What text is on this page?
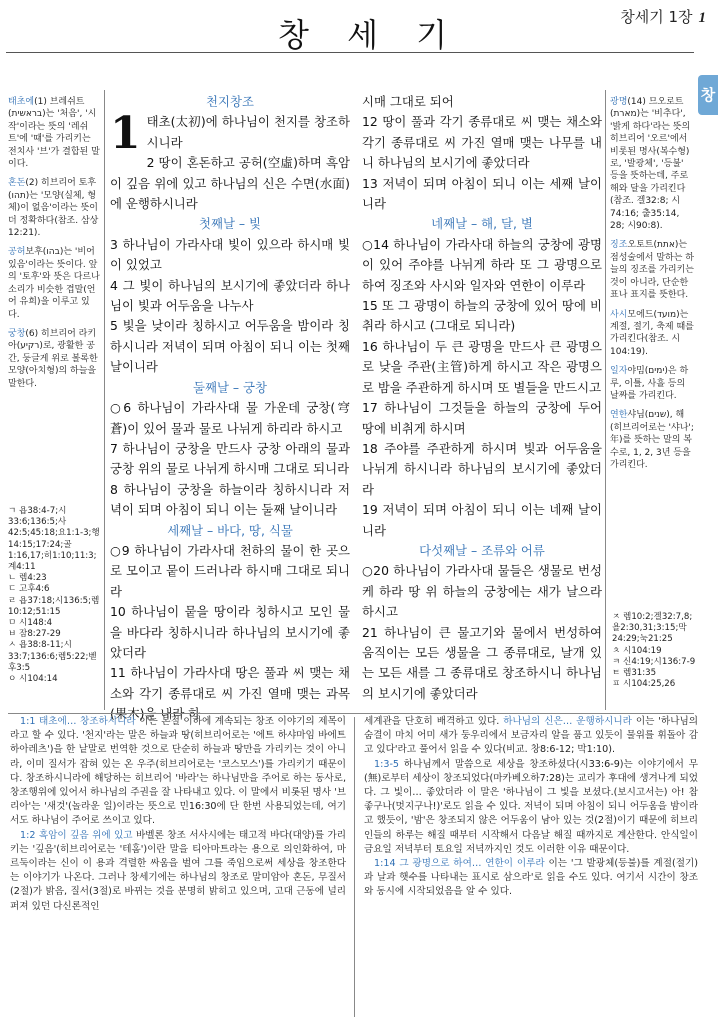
창세기 1장 1
창 세 기
창

태초에(1) 브레쉬트(בראשית)는 '처음', '시작'이라는 뜻의 '레쉬트'에 '때'를 가리키는 전치사 '브'가 결합된 말이다.

혼돈(2) 히브리어 토후(תהו)는 '모양(실체, 형체)이 없음'이라는 뜻이 더 정확하다(참조. 삼상12:21).

공허보후(בהו)는 '비어 있음'이라는 뜻이다. 앞의 '토후'와 뜻은 다르나 소리가 비슷한 겹말(언어 유희)을 이루고 있다.

궁창(6) 히브리어 라키아(רקיע)로, 광활한 공간, 둥글게 위로 볼록한 모양(아치형)의 하늘을 말한다.

ㄱ 욥38:4-7;시33:6;136:5;사42:5;45:18;요1:1-3;행14:15;17:24;골1:16,17;히1:10;11:3;계4:11
ㄴ 렘4:23
ㄷ 고후4:6
ㄹ 욥37:18;시136:5;렘10:12;51:15
ㅁ 시148:4
ㅂ 잠8:27-29
ㅅ 욥38:8-11;시33:7;136:6;렘5:22;벧후3:5
ㅇ 시104:14

천지창조

1 태초(太初)에 하나님이 천지를 창조하시니라

2 땅이 혼돈하고 공허(空虛)하며 흑암이 깊음 위에 있고 하나님의 신은 수면(水面)에 운행하시니라

첫째날 – 빛

3 하나님이 가라사대 빛이 있으라 하시매 빛이 있었고

4 그 빛이 하나님의 보시기에 좋았더라 하나님이 빛과 어두움을 나누사

5 빛을 낮이라 칭하시고 어두움을 밤이라 칭하시니라 저녁이 되며 아침이 되니 이는 첫째 날이니라

둘째날 – 궁창

○6 하나님이 가라사대 물 가운데 궁창(穹蒼)이 있어 물과 물로 나뉘게 하리라 하시고

7 하나님이 궁창을 만드사 궁창 아래의 물과 궁창 위의 물로 나뉘게 하시매 그대로 되니라

8 하나님이 궁창을 하늘이라 칭하시니라 저녁이 되며 아침이 되니 이는 둘째 날이니라

세째날 – 바다, 땅, 식물

○9 하나님이 가라사대 천하의 물이 한 곳으로 모이고 뭍이 드러나라 하시매 그대로 되니라

10 하나님이 뭍을 땅이라 칭하시고 모인 물을 바다라 칭하시니라 하나님의 보시기에 좋았더라

11 하나님이 가라사대 땅은 풀과 씨 맺는 채소와 각기 종류대로 씨 가진 열매 맺는 과목(果木)을 내라 하

시매 그대로 되어

12 땅이 풀과 각기 종류대로 씨 맺는 채소와 각기 종류대로 씨 가진 열매 맺는 나무를 내니 하나님의 보시기에 좋았더라

13 저녁이 되며 아침이 되니 이는 세째 날이니라

네째날 – 해, 달, 별

○14 하나님이 가라사대 하늘의 궁창에 광명이 있어 주야를 나뉘게 하라 또 그 광명으로 하여 징조와 사시와 일자와 연한이 이루라

15 또 그 광명이 하늘의 궁창에 있어 땅에 비취라 하시고 (그대로 되니라)

16 하나님이 두 큰 광명을 만드사 큰 광명으로 낮을 주관(主管)하게 하시고 작은 광명으로 밤을 주관하게 하시며 또 별들을 만드시고

17 하나님이 그것들을 하늘의 궁창에 두어 땅에 비취게 하시며

18 주야를 주관하게 하시며 빛과 어두움을 나뉘게 하시니라 하나님의 보시기에 좋았더라

19 저녁이 되며 아침이 되니 이는 네째 날이니라

다섯째날 – 조류와 어류

○20 하나님이 가라사대 물들은 생물로 번성케 하라 땅 위 하늘의 궁창에는 새가 날으라 하시고

21 하나님이 큰 물고기와 물에서 번성하여 움직이는 모든 생물을 그 종류대로, 날개 있는 모든 새를 그 종류대로 창조하시니 하나님의 보시기에 좋았더라

광명(14) 므오로트(מארת)는 '비추다', '밝게 하다'라는 뜻의 히브리어 '오르'에서 비롯된 명사(복수형)로, '발광체', '등불' 등을 뜻하는데, 주로 해와 달을 가리킨다(참조. 겔32:8; 시74:16; 출35:14, 28; 시90:8).

징조오토트(אתת)는 점성술에서 말하는 하늘의 징조를 가리키는 것이 아니라, 단순한 표나 표지를 뜻한다.

사시모에드(מועד)는 계절, 절기, 축제 때를 가리킨다(참조. 시104:19).

일자야밈(ימים)은 하루, 이틀, 사흘 등의 날짜를 가리킨다.

연한샤님(שנים), 해(히브리어로는 '샤나'; 年)를 뜻하는 말의 복수로, 1, 2, 3년 등을 가리킨다.

ㅈ 렘10:2;겔32:7,8;욜2:30,31;3:15;막24:29;눅21:25
ㅊ 시104:19
ㅋ 신4:19;시136:7-9
ㅌ 렘31:35
ㅍ 시104:25,26

1:1 태초에… 창조하시니라 이는 본절 이하에 계속되는 창조 이야기의 제목이라고 할 수 있다. '천지'라는 말은 하늘과 땅(히브리어로는 '에트 하샤마임 바에트 하아레츠')을 한 낱말로 번역한 것으로 단순히 하늘과 땅만을 가리키는 것이 아니라, 이미 질서가 잡혀 있는 온 우주(히브리어로는 '코스모스')를 가리키기 때문이다. 창조하시니라에 해당하는 히브리어 '바라'는 하나님만을 주어로 하는 동사로, 창조행위에 있어서 하나님의 주권을 잘 나타내고 있다. 이 말에서 비롯된 명사 '브리아'는 '새것'(놀라운 일)이라는 뜻으로 민16:30에 단 한번 사용되었는데, 여기서도 하나님이 주어로 쓰이고 있다.

1:2 흑암이 깊음 위에 있고 바벨론 창조 서사시에는 태고적 바다(대양)를 가리키는 '깊음'(히브리어로는 '테홈')이란 말을 티아마트라는 용으로 의인화하여, 마르둑이라는 신이 이 용과 격렬한 싸움을 벌여 그를 죽임으로써 세상을 창조한다는 이야기가 나온다. 그러나 창세기에는 하나님의 창조로 말미암아 혼돈, 무질서(2절)가 밝음, 질서(3절)로 바뀌는 것을 분명히 밝히고 있으며, 고대 근동에 널리 퍼져 있던 다신론적인

세계관을 단호히 배격하고 있다. 하나님의 신은… 운행하시니라 이는 '하나님의 숨결이 마치 어미 새가 둥우리에서 보금자리 알을 품고 있듯이 물위를 휘돌아 감고 있다'라고 풀어서 읽을 수 있다(비교. 창8:6-12; 막1:10).

1:3-5 하나님께서 말씀으로 세상을 창조하셨다(시33:6-9)는 이야기에서 무(無)로부터 세상이 창조되었다(마카베오하7:28)는 교리가 후대에 생겨나게 되었다. 그 빛이… 좋았더라 이 말은 '하나님이 그 빛을 보셨다.(보시고서는) 아! 참 좋구나(멋지구나!)'로도 읽을 수 있다. 저녁이 되며 아침이 되니 어두움을 밤이라고 했듯이, '밤'은 창조되지 않은 어두움이 남아 있는 것(2절)이기 때문에 히브리인들의 하루는 해질 때부터 시작해서 다음날 해질 때까지로 계산한다. 안식일이 금요일 저녁부터 토요일 저녁까지인 것도 이러한 이유 때문이다.

1:14 그 광명으로 하여… 연한이 이루라 이는 '그 발광체(등불)를 계절(절기)과 날과 햇수를 나타내는 표시로 삼으라'로 읽을 수도 있다. 여기서 시간이 창조와 동시에 시작되었음을 알 수 있다.
